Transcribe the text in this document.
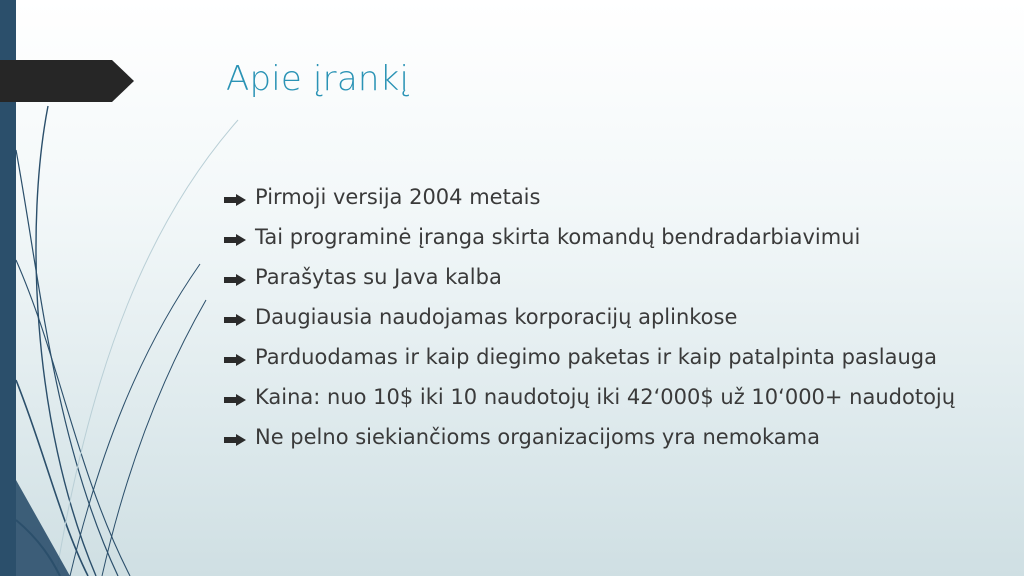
Apie įrankį
Pirmoji versija 2004 metais
Tai programinė įranga skirta komandų bendradarbiavimui
Parašytas su Java kalba
Daugiausia naudojamas korporacijų aplinkose
Parduodamas ir kaip diegimo paketas ir kaip patalpinta paslauga
Kaina: nuo 10$ iki 10 naudotojų iki 42‘000$ už 10‘000+ naudotojų
Ne pelno siekiančioms organizacijoms yra nemokama
